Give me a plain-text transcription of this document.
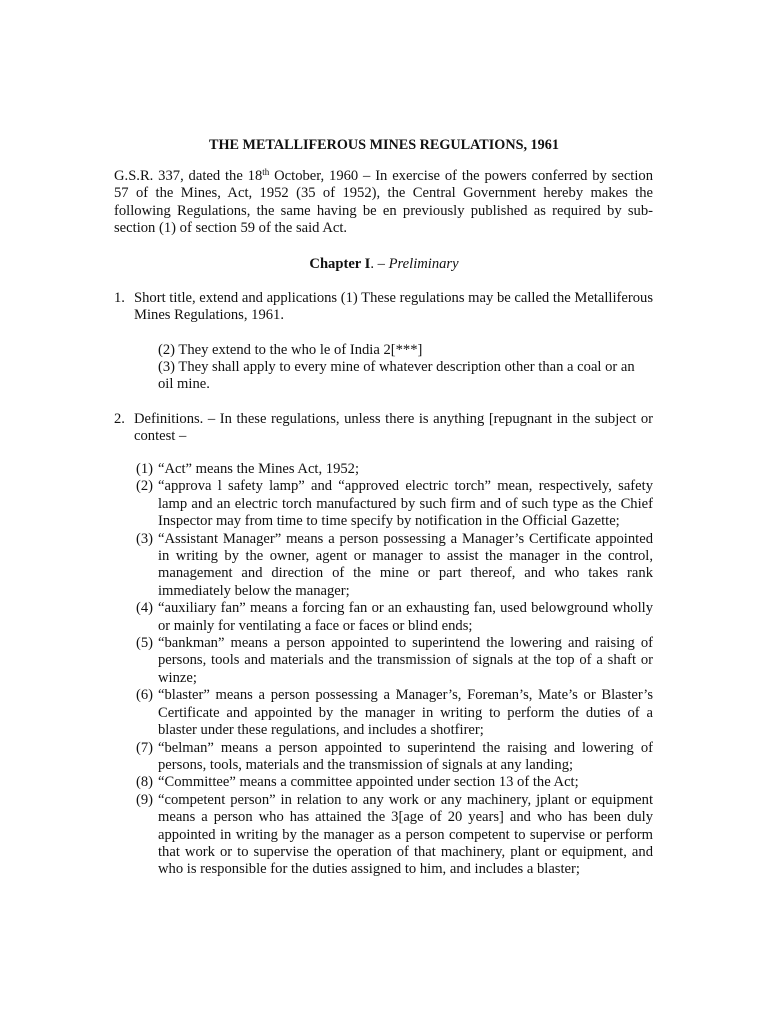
THE METALLIFEROUS MINES REGULATIONS, 1961
G.S.R. 337, dated the 18th October, 1960 – In exercise of the powers conferred by section 57 of the Mines, Act, 1952 (35 of 1952), the Central Government hereby makes the following Regulations, the same having be en previously published as required by sub-section (1) of section 59 of the said Act.
Chapter I. – Preliminary
1. Short title, extend and applications (1) These regulations may be called the Metalliferous Mines Regulations, 1961.
(2) They extend to the who le of India 2[***]
(3) They shall apply to every mine of whatever description other than a coal or an oil mine.
2. Definitions. – In these regulations, unless there is anything [repugnant in the subject or contest –
(1) “Act” means the Mines Act, 1952;
(2) “approva l safety lamp” and “approved electric torch” mean, respectively, safety lamp and an electric torch manufactured by such firm and of such type as the Chief Inspector may from time to time specify by notification in the Official Gazette;
(3) “Assistant Manager” means a person possessing a Manager’s Certificate appointed in writing by the owner, agent or manager to assist the manager in the control, management and direction of the mine or part thereof, and who takes rank immediately below the manager;
(4) “auxiliary fan” means a forcing fan or an exhausting fan, used belowground wholly or mainly for ventilating a face or faces or blind ends;
(5) “bankman” means a person appointed to superintend the lowering and raising of persons, tools and materials and the transmission of signals at the top of a shaft or winze;
(6) “blaster” means a person possessing a Manager’s, Foreman’s, Mate’s or Blaster’s Certificate and appointed by the manager in writing to perform the duties of a blaster under these regulations, and includes a shotfirer;
(7) “belman” means a person appointed to superintend the raising and lowering of persons, tools, materials and the transmission of signals at any landing;
(8) “Committee” means a committee appointed under section 13 of the Act;
(9) “competent person” in relation to any work or any machinery, jplant or equipment means a person who has attained the 3[age of 20 years] and who has been duly appointed in writing by the manager as a person competent to supervise or perform that work or to supervise the operation of that machinery, plant or equipment, and who is responsible for the duties assigned to him, and includes a blaster;
